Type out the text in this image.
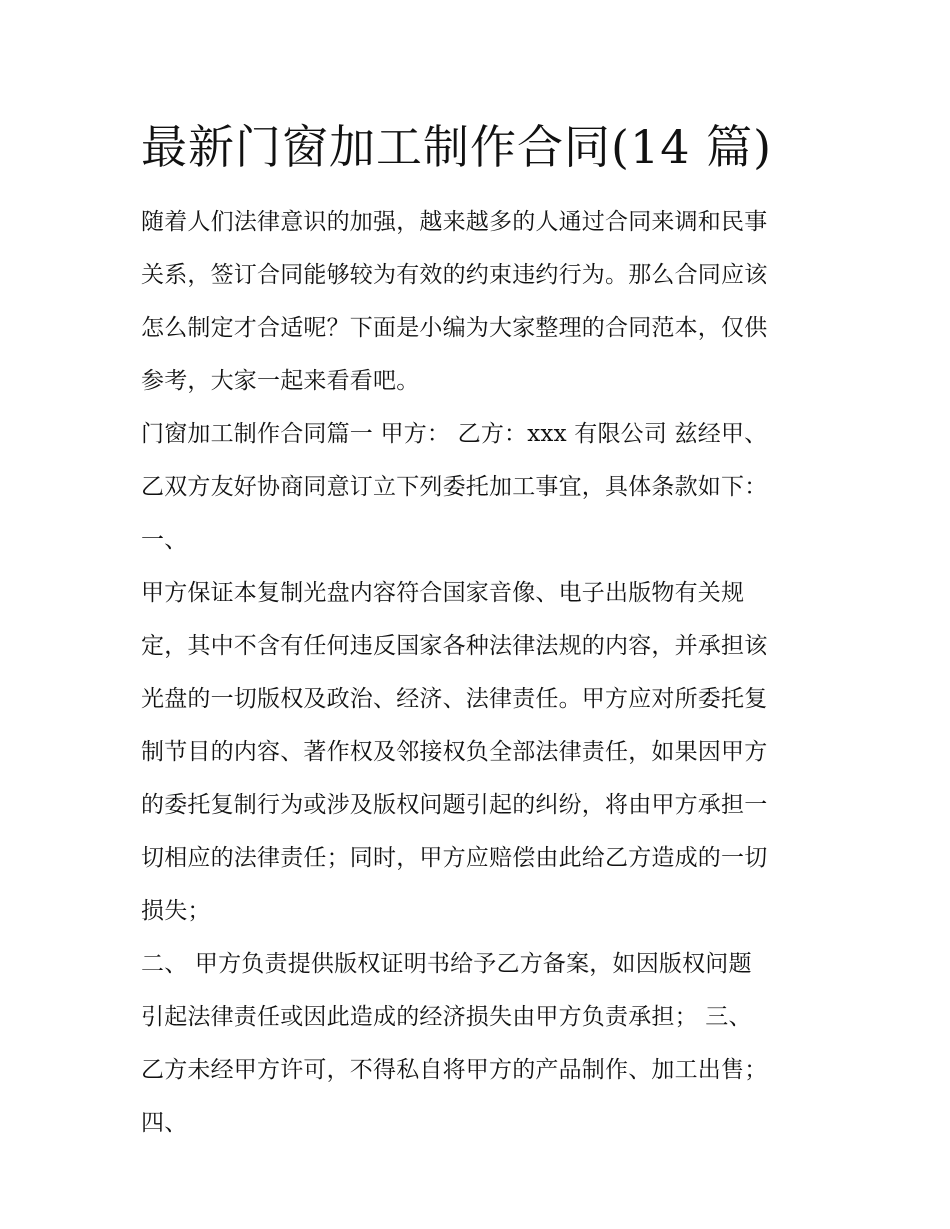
最新门窗加工制作合同(14 篇)
随着人们法律意识的加强，越来越多的人通过合同来调和民事
关系，签订合同能够较为有效的约束违约行为。那么合同应该
怎么制定才合适呢？下面是小编为大家整理的合同范本，仅供
参考，大家一起来看看吧。
门窗加工制作合同篇一 甲方： 乙方：xxx 有限公司 兹经甲、
乙双方友好协商同意订立下列委托加工事宜，具体条款如下：
一、
甲方保证本复制光盘内容符合国家音像、电子出版物有关规
定，其中不含有任何违反国家各种法律法规的内容，并承担该
光盘的一切版权及政治、经济、法律责任。甲方应对所委托复
制节目的内容、著作权及邻接权负全部法律责任，如果因甲方
的委托复制行为或涉及版权问题引起的纠纷，将由甲方承担一
切相应的法律责任；同时，甲方应赔偿由此给乙方造成的一切
损失；
二、 甲方负责提供版权证明书给予乙方备案，如因版权问题
引起法律责任或因此造成的经济损失由甲方负责承担； 三、
乙方未经甲方许可，不得私自将甲方的产品制作、加工出售；
四、
